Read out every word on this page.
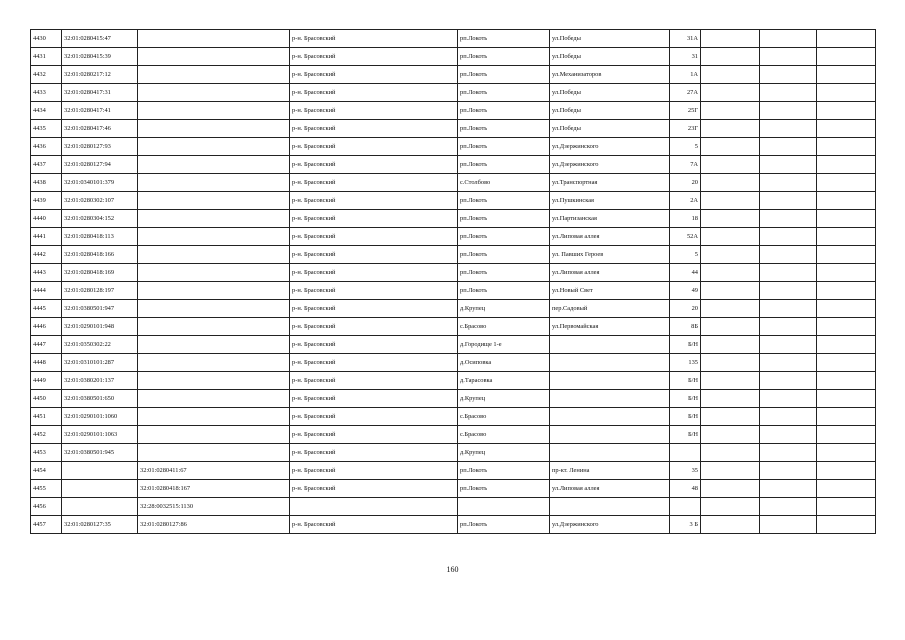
4430	32:01:0280415:47		р-н. Брасовский	рп.Локоть	ул.Победы	31А			
4431	32:01:0280415:39		р-н. Брасовский	рп.Локоть	ул.Победы	31			
4432	32:01:0280217:12		р-н. Брасовский	рп.Локоть	ул.Механизаторов	1А			
4433	32:01:0280417:31		р-н. Брасовский	рп.Локоть	ул.Победы	27А			
4434	32:01:0280417:41		р-н. Брасовский	рп.Локоть	ул.Победы	25Г			
4435	32:01:0280417:46		р-н. Брасовский	рп.Локоть	ул.Победы	23Г			
4436	32:01:0280127:93		р-н. Брасовский	рп.Локоть	ул.Дзержинского	5			
4437	32:01:0280127:94		р-н. Брасовский	рп.Локоть	ул.Дзержинского	7А			
4438	32:01:0340101:379		р-н. Брасовский	с.Столбово	ул.Транспортная	20			
4439	32:01:0280302:107		р-н. Брасовский	рп.Локоть	ул.Пушкинская	2А			
4440	32:01:0280304:152		р-н. Брасовский	рп.Локоть	ул.Партизанская	18			
4441	32:01:0280418:113		р-н. Брасовский	рп.Локоть	ул.Липовая аллея	52А			
4442	32:01:0280418:166		р-н. Брасовский	рп.Локоть	ул. Павших Героев	5			
4443	32:01:0280418:169		р-н. Брасовский	рп.Локоть	ул.Липовая аллея	44			
4444	32:01:0280128:197		р-н. Брасовский	рп.Локоть	ул.Новый Свет	49			
4445	32:01:0380501:947		р-н. Брасовский	д.Крупец	пер.Садовый	20			
4446	32:01:0290101:948		р-н. Брасовский	с.Брасово	ул.Первомайская	8Б			
4447	32:01:0350302:22		р-н. Брасовский	д.Городище 1-е		Б/Н			
4448	32:01:0310101:287		р-н. Брасовский	д.Осиповка		135			
4449	32:01:0380201:137		р-н. Брасовский	д.Тарасовка		Б/Н			
4450	32:01:0380501:650		р-н. Брасовский	д.Крупец		Б/Н			
4451	32:01:0290101:1060		р-н. Брасовский	с.Брасово		Б/Н			
4452	32:01:0290101:1063		р-н. Брасовский	с.Брасово		Б/Н			
4453	32:01:0380501:945		р-н. Брасовский	д.Крупец					
4454		32:01:0280411:67	р-н. Брасовский	рп.Локоть	пр-кт. Ленина	35			
4455		32:01:0280418:167	р-н. Брасовский	рп.Локоть	ул.Липовая аллея	48			
4456		32:28:0032515:1130							
4457	32:01:0280127:35	32:01:0280127:86	р-н. Брасовский	рп.Локоть	ул.Дзержинского	3 Б			
160
